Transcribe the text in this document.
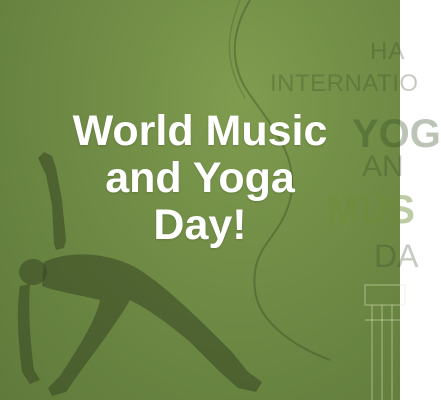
HA
INTERNATIO
YOG
AN
MUS
DA
World Music
and Yoga
Day!
